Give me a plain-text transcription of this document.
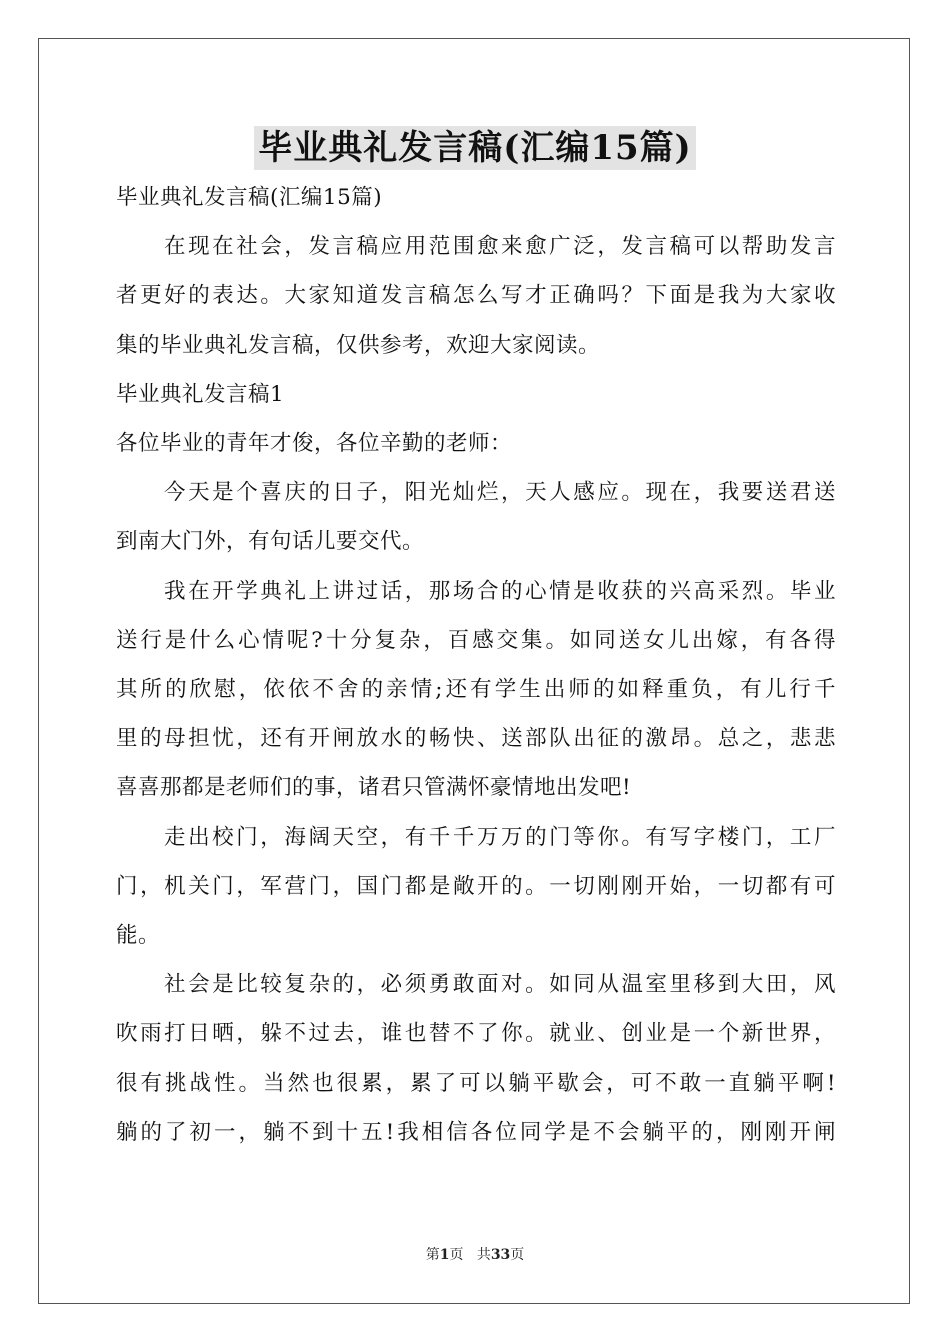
毕业典礼发言稿(汇编15篇)
毕业典礼发言稿(汇编15篇)
在现在社会，发言稿应用范围愈来愈广泛，发言稿可以帮助发言
者更好的表达。大家知道发言稿怎么写才正确吗？下面是我为大家收
集的毕业典礼发言稿，仅供参考，欢迎大家阅读。
毕业典礼发言稿1
各位毕业的青年才俊，各位辛勤的老师：
今天是个喜庆的日子，阳光灿烂，天人感应。现在，我要送君送
到南大门外，有句话儿要交代。
我在开学典礼上讲过话，那场合的心情是收获的兴高采烈。毕业
送行是什么心情呢?十分复杂，百感交集。如同送女儿出嫁，有各得
其所的欣慰，依依不舍的亲情;还有学生出师的如释重负，有儿行千
里的母担忧，还有开闸放水的畅快、送部队出征的激昂。总之，悲悲
喜喜那都是老师们的事，诸君只管满怀豪情地出发吧!
走出校门，海阔天空，有千千万万的门等你。有写字楼门，工厂
门，机关门，军营门，国门都是敞开的。一切刚刚开始，一切都有可
能。
社会是比较复杂的，必须勇敢面对。如同从温室里移到大田，风
吹雨打日晒，躲不过去，谁也替不了你。就业、创业是一个新世界，
很有挑战性。当然也很累，累了可以躺平歇会，可不敢一直躺平啊!
躺的了初一，躺不到十五!我相信各位同学是不会躺平的，刚刚开闸
第1页 共33页
